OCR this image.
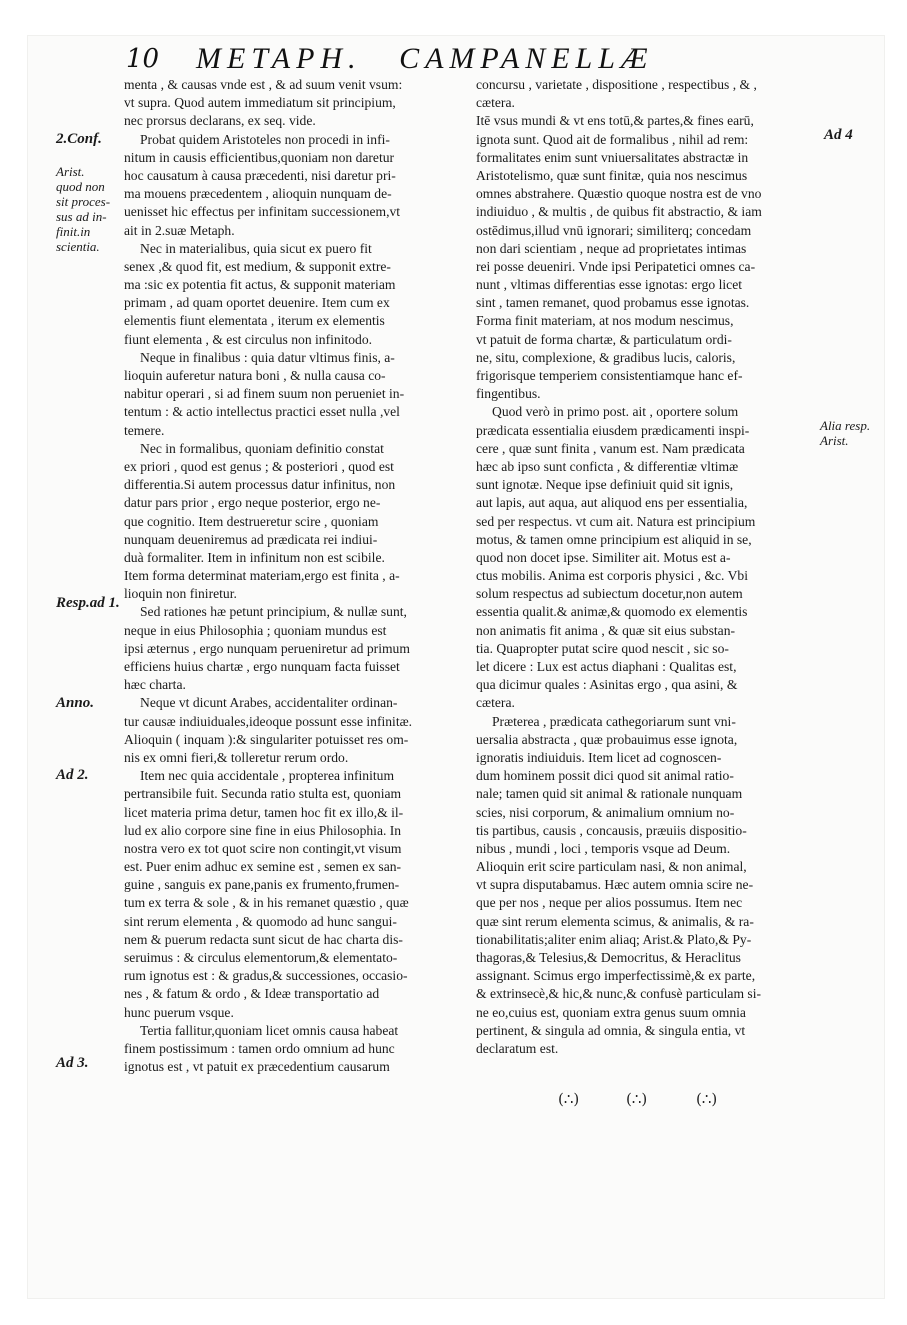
10 METAPH. CAMPANELLÆ
menta , & causas vnde est , & ad suum venit vsum:
vt supra. Quod autem immediatum sit principium,
nec prorsus declarans, ex seq. vide.
Probat quidem Aristoteles non procedi in infi-
nitum in causis efficientibus,quoniam non daretur
hoc causatum à causa præcedenti, nisi daretur pri-
ma mouens præcedentem , alioquin nunquam de-
uenisset hic effectus per infinitam successionem,vt
ait in 2.suæ Metaph.
Nec in materialibus, quia sicut ex puero fit
senex ,& quod fit, est medium, & supponit extre-
ma :sic ex potentia fit actus, & supponit materiam
primam , ad quam oportet deuenire. Item cum ex
elementis fiunt elementata , iterum ex elementis
fiunt elementa , & est circulus non infinitodo.
Neque in finalibus : quia datur vltimus finis, a-
lioquin auferetur natura boni , & nulla causa co-
nabitur operari , si ad finem suum non perueniet in-
tentum : & actio intellectus practici esset nulla ,vel
temere.
Nec in formalibus, quoniam definitio constat
ex priori , quod est genus ; & posteriori , quod est
differentia.Si autem processus datur infinitus, non
datur pars prior , ergo neque posterior, ergo ne-
que cognitio. Item destrueretur scire , quoniam
nunquam deueniremus ad prædicata rei indiui-
duà formaliter. Item in infinitum non est scibile.
Item forma determinat materiam,ergo est finita , a-
lioquin non finiretur.
Sed rationes hæ petunt principium, & nullæ sunt,
neque in eius Philosophia ; quoniam mundus est
ipsi æternus , ergo nunquam perueniretur ad primum
efficiens huius chartæ , ergo nunquam facta fuisset
hæc charta.
Neque vt dicunt Arabes, accidentaliter ordinan-
tur causæ indiuiduales,ideoque possunt esse infinitæ.
Alioquin ( inquam ):& singulariter potuisset res om-
nis ex omni fieri,& tolleretur rerum ordo.
Item nec quia accidentale , propterea infinitum
pertransibile fuit. Secunda ratio stulta est, quoniam
licet materia prima detur, tamen hoc fit ex illo,& il-
lud ex alio corpore sine fine in eius Philosophia. In
nostra vero ex tot quot scire non contingit,vt visum
est. Puer enim adhuc ex semine est , semen ex san-
guine , sanguis ex pane,panis ex frumento,frumen-
tum ex terra & sole , & in his remanet quæstio , quæ
sint rerum elementa , & quomodo ad hunc sangui-
nem & puerum redacta sunt sicut de hac charta dis-
seruimus : & circulus elementorum,& elementato-
rum ignotus est : & gradus,& successiones, occasio-
nes , & fatum & ordo , & Ideæ transportatio ad
hunc puerum vsque.
Tertia fallitur,quoniam licet omnis causa habeat
finem postissimum : tamen ordo omnium ad hunc
ignotus est , vt patuit ex præcedentium causarum
concursu , varietate , dispositione , respectibus , & ,
cætera.
Itē vsus mundi & vt ens totū,& partes,& fines earū,
ignota sunt. Quod ait de formalibus , nihil ad rem:
formalitates enim sunt vniuersalitates abstractæ in
Aristotelismo, quæ sunt finitæ, quia nos nescimus
omnes abstrahere. Quæstio quoque nostra est de vno
indiuiduo , & multis , de quibus fit abstractio, & iam
ostēdimus,illud vnū ignorari; similiterq; concedam
non dari scientiam , neque ad proprietates intimas
rei posse deueniri. Vnde ipsi Peripatetici omnes ca-
nunt , vltimas differentias esse ignotas: ergo licet
sint , tamen remanet, quod probamus esse ignotas.
Forma finit materiam, at nos modum nescimus,
vt patuit de forma chartæ, & particulatum ordi-
ne, situ, complexione, & gradibus lucis, caloris,
frigorisque temperiem consistentiamque hanc ef-
fingentibus.
Quod verò in primo post. ait , oportere solum
prædicata essentialia eiusdem prædicamenti inspi-
cere , quæ sunt finita , vanum est. Nam prædicata
hæc ab ipso sunt conficta , & differentiæ vltimæ
sunt ignotæ. Neque ipse definiuit quid sit ignis,
aut lapis, aut aqua, aut aliquod ens per essentialia,
sed per respectus. vt cum ait. Natura est principium
motus, & tamen omne principium est aliquid in se,
quod non docet ipse. Similiter ait. Motus est a-
ctus mobilis. Anima est corporis physici , &c. Vbi
solum respectus ad subiectum docetur,non autem
essentia qualit.& animæ,& quomodo ex elementis
non animatis fit anima , & quæ sit eius substan-
tia. Quapropter putat scire quod nescit , sic so-
let dicere : Lux est actus diaphani : Qualitas est,
qua dicimur quales : Asinitas ergo , qua asini, &
cætera.
Præterea , prædicata cathegoriarum sunt vni-
uersalia abstracta , quæ probauimus esse ignota,
ignoratis indiuiduis. Item licet ad cognoscen-
dum hominem possit dici quod sit animal ratio-
nale; tamen quid sit animal & rationale nunquam
scies, nisi corporum, & animalium omnium no-
tis partibus, causis , concausis, præuiis dispositio-
nibus , mundi , loci , temporis vsque ad Deum.
Alioquin erit scire particulam nasi, & non animal,
vt supra disputabamus. Hæc autem omnia scire ne-
que per nos , neque per alios possumus. Item nec
quæ sint rerum elementa scimus, & animalis, & ra-
tionabilitatis;aliter enim aliaq; Arist.& Plato,& Py-
thagoras,& Telesius,& Democritus, & Heraclitus
assignant. Scimus ergo imperfectissimè,& ex parte,
& extrinsecè,& hic,& nunc,& confusè particulam si-
ne eo,cuius est, quoniam extra genus suum omnia
pertinent, & singula ad omnia, & singula entia, vt
declaratum est.
2.Conf.
Arist.
quod non
sit proces-
sus ad in-
finit.in
scientia.
Resp.ad 1.
Anno.
Ad 2.
Ad 3.
Ad 4
Alia resp.
Arist.
(∴)	(∴)	(∴)
